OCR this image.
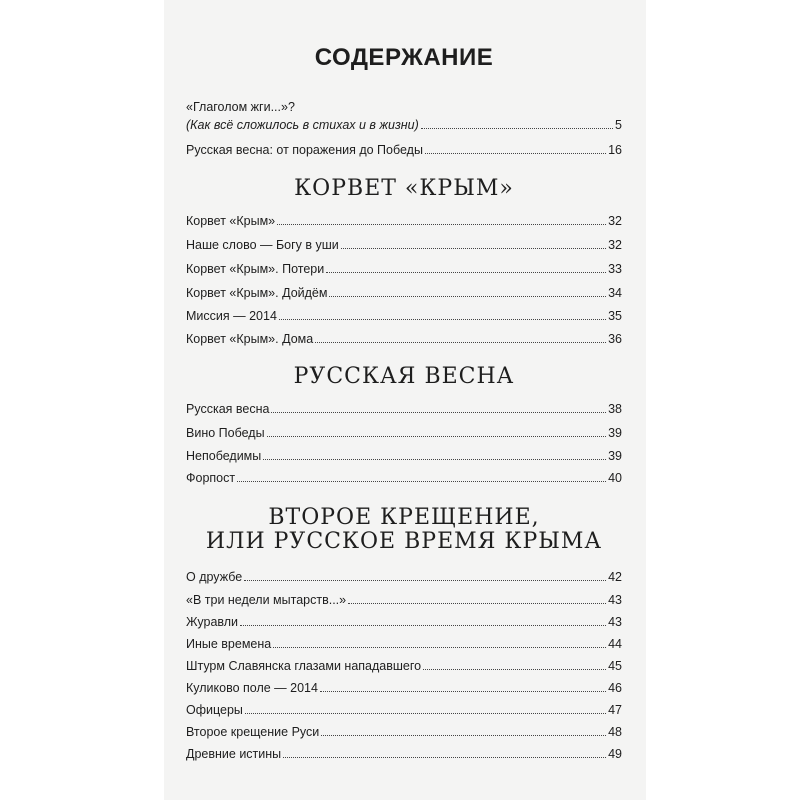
СОДЕРЖАНИЕ
«Глаголом жги...»?
(Как всё сложилось в стихах и в жизни)	5
Русская весна: от поражения до Победы	16
КОРВЕТ «КРЫМ»
Корвет «Крым»	32
Наше слово — Богу в уши	32
Корвет «Крым». Потери	33
Корвет «Крым». Дойдём	34
Миссия — 2014	35
Корвет «Крым». Дома	36
РУССКАЯ ВЕСНА
Русская весна	38
Вино Победы	39
Непобедимы	39
Форпост	40
ВТОРОЕ КРЕЩЕНИЕ,
ИЛИ РУССКОЕ ВРЕМЯ КРЫМА
О дружбе	42
«В три недели мытарств...»	43
Журавли	43
Иные времена	44
Штурм Славянска глазами нападавшего	45
Куликово поле — 2014	46
Офицеры	47
Второе крещение Руси	48
Древние истины	49
